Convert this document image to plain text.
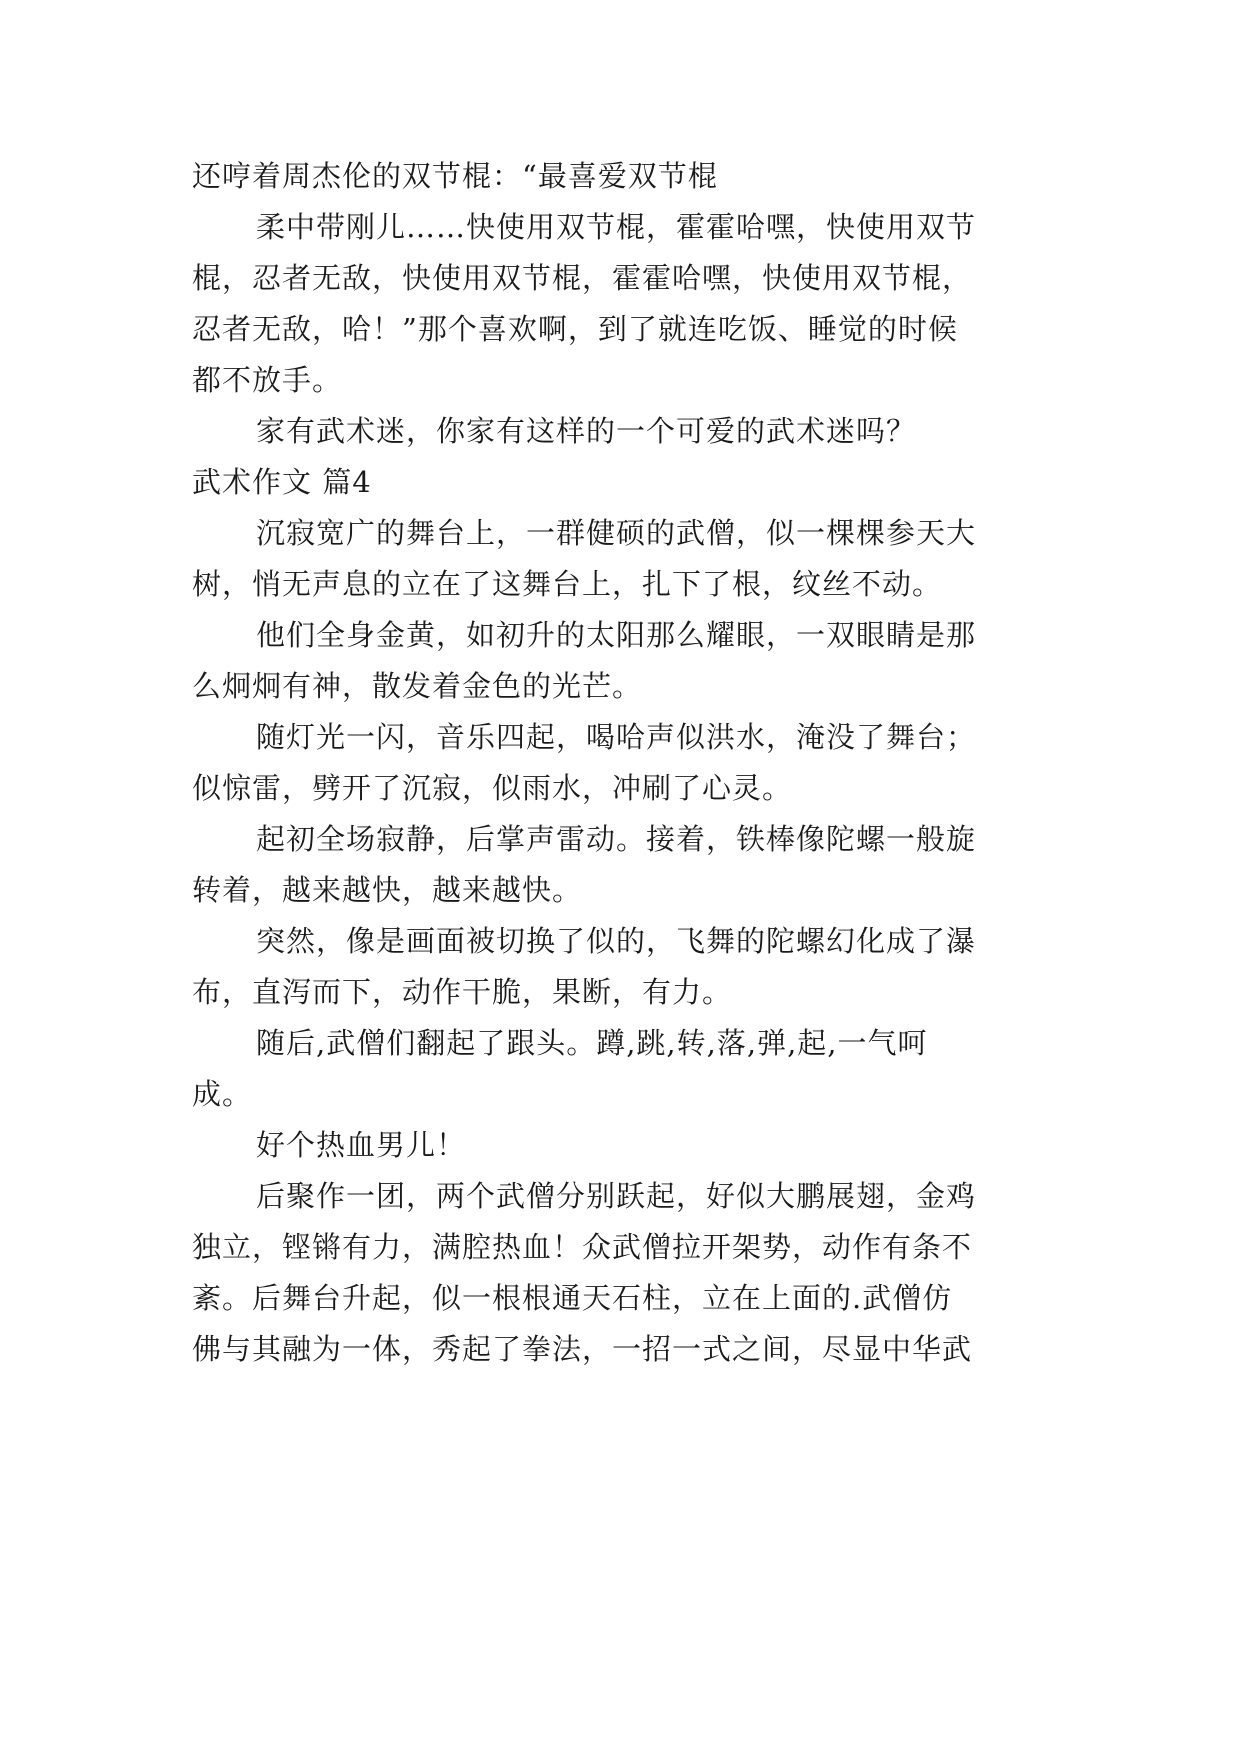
还哼着周杰伦的双节棍：“最喜爱双节棍
柔中带刚儿……快使用双节棍，霍霍哈嘿，快使用双节
棍，忍者无敌，快使用双节棍，霍霍哈嘿，快使用双节棍，
忍者无敌，哈！”那个喜欢啊，到了就连吃饭、睡觉的时候
都不放手。
家有武术迷，你家有这样的一个可爱的武术迷吗？
武术作文 篇4
沉寂宽广的舞台上，一群健硕的武僧，似一棵棵参天大
树，悄无声息的立在了这舞台上，扎下了根，纹丝不动。
他们全身金黄，如初升的太阳那么耀眼，一双眼睛是那
么炯炯有神，散发着金色的光芒。
随灯光一闪，音乐四起，喝哈声似洪水，淹没了舞台；
似惊雷，劈开了沉寂，似雨水，冲刷了心灵。
起初全场寂静，后掌声雷动。接着，铁棒像陀螺一般旋
转着，越来越快，越来越快。
突然，像是画面被切换了似的，飞舞的陀螺幻化成了瀑
布，直泻而下，动作干脆，果断，有力。
随后,武僧们翻起了跟头。蹲,跳,转,落,弹,起,一气呵
成。
好个热血男儿！
后聚作一团，两个武僧分别跃起，好似大鹏展翅，金鸡
独立，铿锵有力，满腔热血！众武僧拉开架势，动作有条不
紊。后舞台升起，似一根根通天石柱，立在上面的.武僧仿
佛与其融为一体，秀起了拳法，一招一式之间，尽显中华武
